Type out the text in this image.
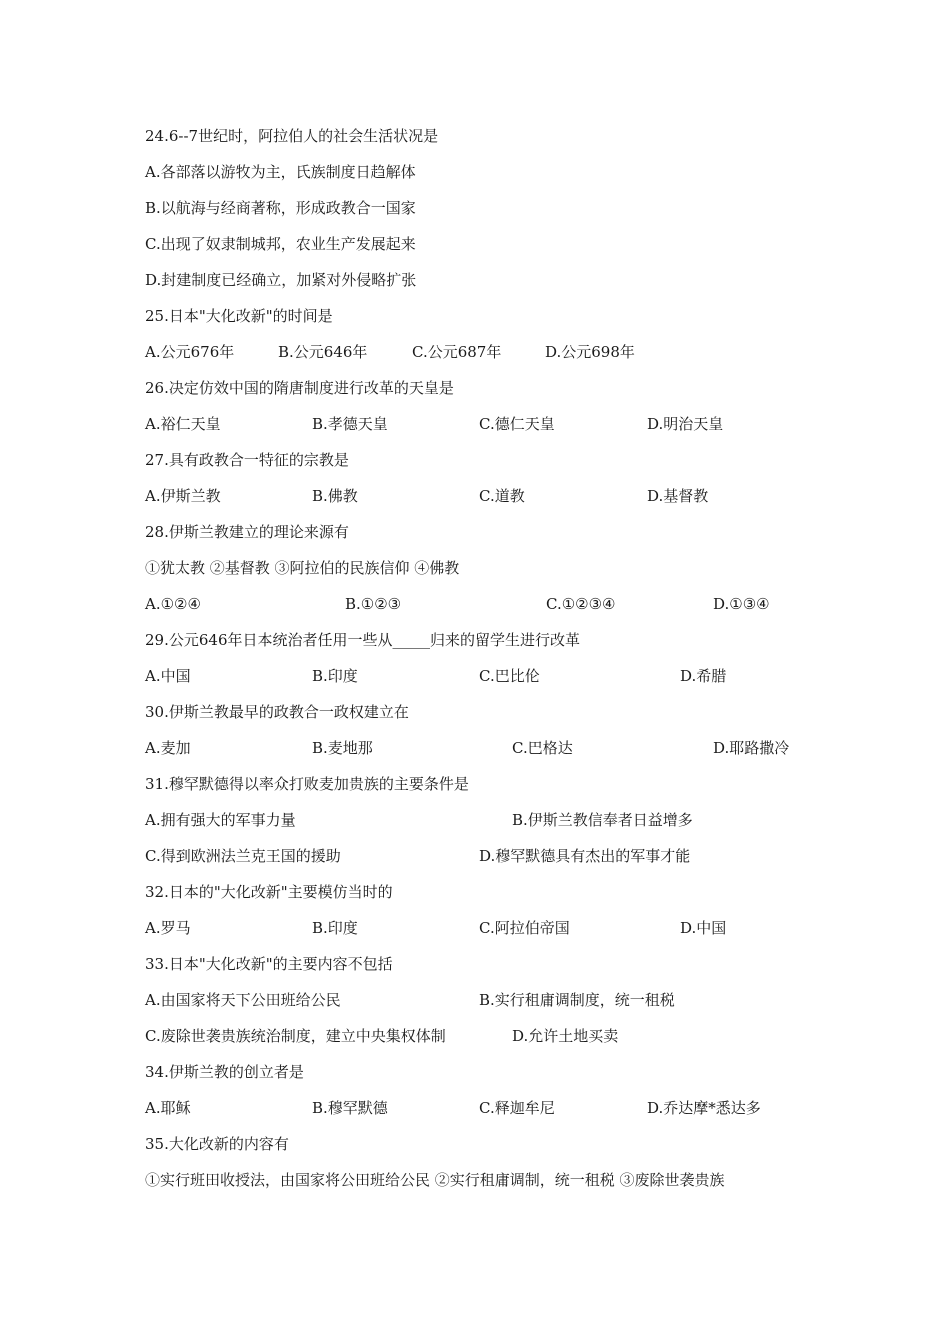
24.6--7世纪时，阿拉伯人的社会生活状况是
A.各部落以游牧为主，氏族制度日趋解体
B.以航海与经商著称，形成政教合一国家
C.出现了奴隶制城邦，农业生产发展起来
D.封建制度已经确立，加紧对外侵略扩张
25.日本"大化改新"的时间是
A.公元676年	B.公元646年	C.公元687年	D.公元698年
26.决定仿效中国的隋唐制度进行改革的天皇是
A.裕仁天皇	B.孝德天皇	C.德仁天皇	D.明治天皇
27.具有政教合一特征的宗教是
A.伊斯兰教	B.佛教	C.道教	D.基督教
28.伊斯兰教建立的理论来源有
①犹太教 ②基督教 ③阿拉伯的民族信仰 ④佛教
A.①②④	B.①②③	C.①②③④	D.①③④
29.公元646年日本统治者任用一些从_____归来的留学生进行改革
A.中国	B.印度	C.巴比伦	D.希腊
30.伊斯兰教最早的政教合一政权建立在
A.麦加	B.麦地那	C.巴格达	D.耶路撒冷
31.穆罕默德得以率众打败麦加贵族的主要条件是
A.拥有强大的军事力量	B.伊斯兰教信奉者日益增多
C.得到欧洲法兰克王国的援助	D.穆罕默德具有杰出的军事才能
32.日本的"大化改新"主要模仿当时的
A.罗马	B.印度	C.阿拉伯帝国	D.中国
33.日本"大化改新"的主要内容不包括
A.由国家将天下公田班给公民	B.实行租庸调制度，统一租税
C.废除世袭贵族统治制度，建立中央集权体制	D.允许土地买卖
34.伊斯兰教的创立者是
A.耶稣	B.穆罕默德	C.释迦牟尼	D.乔达摩*悉达多
35.大化改新的内容有
①实行班田收授法，由国家将公田班给公民 ②实行租庸调制，统一租税 ③废除世袭贵族
